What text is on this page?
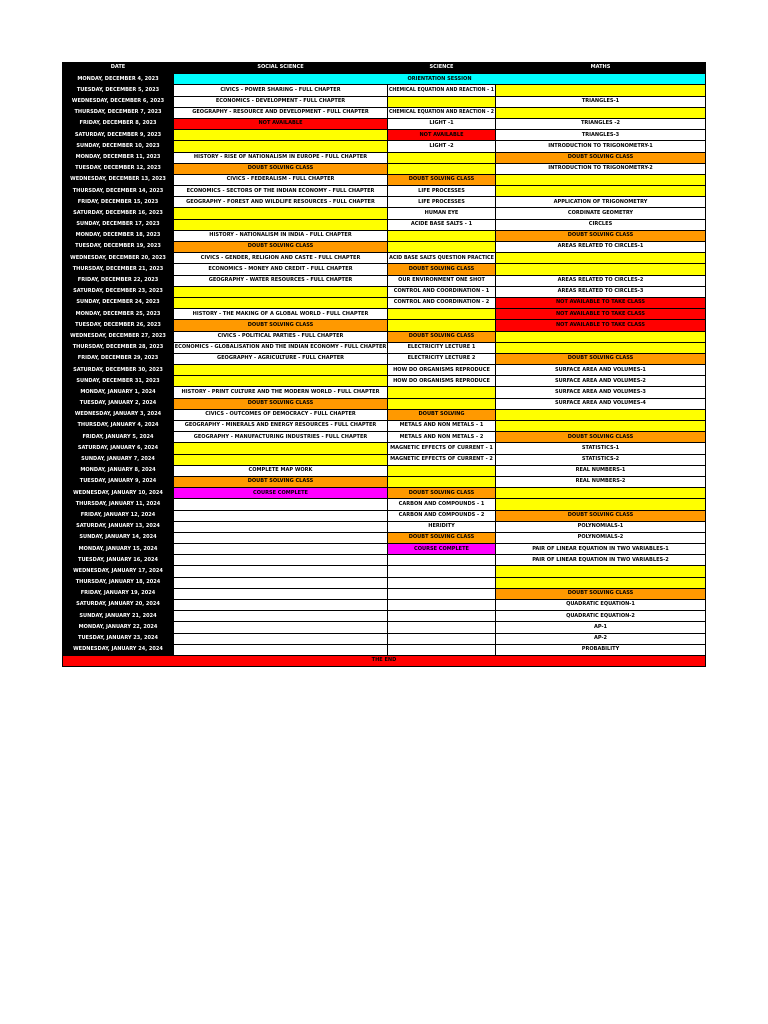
DATE	SOCIAL SCIENCE	SCIENCE	MATHS
MONDAY, DECEMBER 4, 2023	ORIENTATION SESSION		
TUESDAY, DECEMBER 5, 2023	CIVICS - POWER SHARING - FULL CHAPTER	CHEMICAL EQUATION AND REACTION - 1	
WEDNESDAY, DECEMBER 6, 2023	ECONOMICS - DEVELOPMENT - FULL CHAPTER		TRIANGLES-1
THURSDAY, DECEMBER 7, 2023	GEOGRAPHY - RESOURCE AND DEVELOPMENT - FULL CHAPTER	CHEMICAL EQUATION AND REACTION - 2	
FRIDAY, DECEMBER 8, 2023	NOT AVAILABLE	LIGHT -1	TRIANGLES -2
SATURDAY, DECEMBER 9, 2023		NOT AVAILABLE	TRIANGLES-3
SUNDAY, DECEMBER 10, 2023		LIGHT -2	INTRODUCTION TO TRIGONOMETRY-1
MONDAY, DECEMBER 11, 2023	HISTORY - RISE OF NATIONALISM IN EUROPE - FULL CHAPTER		DOUBT SOLVING CLASS
TUESDAY, DECEMBER 12, 2023	DOUBT SOLVING CLASS		INTRODUCTION TO TRIGONOMETRY-2
WEDNESDAY, DECEMBER 13, 2023	CIVICS - FEDERALISM - FULL CHAPTER	DOUBT SOLVING CLASS	
THURSDAY, DECEMBER 14, 2023	ECONOMICS - SECTORS OF THE INDIAN ECONOMY - FULL CHAPTER	LIFE PROCESSES	
FRIDAY, DECEMBER 15, 2023	GEOGRAPHY - FOREST AND WILDLIFE RESOURCES - FULL CHAPTER	LIFE PROCESSES	APPLICATION OF TRIGONOMETRY
SATURDAY, DECEMBER 16, 2023		HUMAN EYE	CORDINATE GEOMETRY
SUNDAY, DECEMBER 17, 2023		ACIDE BASE SALTS - 1	CIRCLES
MONDAY, DECEMBER 18, 2023	HISTORY - NATIONALISM IN INDIA - FULL CHAPTER		DOUBT SOLVING CLASS
TUESDAY, DECEMBER 19, 2023	DOUBT SOLVING CLASS		AREAS RELATED TO CIRCLES-1
WEDNESDAY, DECEMBER 20, 2023	CIVICS - GENDER, RELIGION AND CASTE - FULL CHAPTER	ACID BASE SALTS QUESTION PRACTICE	
THURSDAY, DECEMBER 21, 2023	ECONOMICS - MONEY AND CREDIT - FULL CHAPTER	DOUBT SOLVING CLASS	
FRIDAY, DECEMBER 22, 2023	GEOGRAPHY - WATER RESOURCES - FULL CHAPTER	OUR ENVIRONMENT ONE SHOT	AREAS RELATED TO CIRCLES-2
SATURDAY, DECEMBER 23, 2023		CONTROL AND COORDINATION - 1	AREAS RELATED TO CIRCLES-3
SUNDAY, DECEMBER 24, 2023		CONTROL AND COORDINATION - 2	NOT AVAILABLE TO TAKE CLASS
MONDAY, DECEMBER 25, 2023	HISTORY - THE MAKING OF A GLOBAL WORLD - FULL CHAPTER		NOT AVAILABLE TO TAKE CLASS
TUESDAY, DECEMBER 26, 2023	DOUBT SOLVING CLASS		NOT AVAILABLE TO TAKE CLASS
WEDNESDAY, DECEMBER 27, 2023	CIVICS - POLITICAL PARTIES - FULL CHAPTER	DOUBT SOLVING CLASS	
THURSDAY, DECEMBER 28, 2023	ECONOMICS - GLOBALISATION AND THE INDIAN ECONOMY - FULL CHAPTER	ELECTRICITY LECTURE 1	
FRIDAY, DECEMBER 29, 2023	GEOGRAPHY - AGRICULTURE - FULL CHAPTER	ELECTRICITY LECTURE 2	DOUBT SOLVING CLASS
SATURDAY, DECEMBER 30, 2023		HOW DO ORGANISMS REPRODUCE	SURFACE AREA AND VOLUMES-1
SUNDAY, DECEMBER 31, 2023		HOW DO ORGANISMS REPRODUCE	SURFACE AREA AND VOLUMES-2
MONDAY, JANUARY 1, 2024	HISTORY - PRINT CULTURE AND THE MODERN WORLD - FULL CHAPTER		SURFACE AREA AND VOLUMES-3
TUESDAY, JANUARY 2, 2024	DOUBT SOLVING CLASS		SURFACE AREA AND VOLUMES-4
WEDNESDAY, JANUARY 3, 2024	CIVICS - OUTCOMES OF DEMOCRACY - FULL CHAPTER	DOUBT SOLVING	
THURSDAY, JANUARY 4, 2024	GEOGRAPHY - MINERALS AND ENERGY RESOURCES - FULL CHAPTER	METALS AND NON METALS - 1	
FRIDAY, JANUARY 5, 2024	GEOGRAPHY - MANUFACTURING INDUSTRIES - FULL CHAPTER	METALS AND NON METALS - 2	DOUBT SOLVING CLASS
SATURDAY, JANUARY 6, 2024		MAGNETIC EFFECTS OF CURRENT - 1	STATISTICS-1
SUNDAY, JANUARY 7, 2024		MAGNETIC EFFECTS OF CURRENT - 2	STATISTICS-2
MONDAY, JANUARY 8, 2024	COMPLETE MAP WORK		REAL NUMBERS-1
TUESDAY, JANUARY 9, 2024	DOUBT SOLVING CLASS		REAL NUMBERS-2
WEDNESDAY, JANUARY 10, 2024	COURSE COMPLETE	DOUBT SOLVING CLASS	
THURSDAY, JANUARY 11, 2024		CARBON AND COMPOUNDS - 1	
FRIDAY, JANUARY 12, 2024		CARBON AND COMPOUNDS - 2	DOUBT SOLVING CLASS
SATURDAY, JANUARY 13, 2024		HERIDITY	POLYNOMIALS-1
SUNDAY, JANUARY 14, 2024		DOUBT SOLVING CLASS	POLYNOMIALS-2
MONDAY, JANUARY 15, 2024		COURSE COMPLETE	PAIR OF LINEAR EQUATION IN TWO VARIABLES-1
TUESDAY, JANUARY 16, 2024			PAIR OF LINEAR EQUATION IN TWO VARIABLES-2
WEDNESDAY, JANUARY 17, 2024			
THURSDAY, JANUARY 18, 2024			
FRIDAY, JANUARY 19, 2024			DOUBT SOLVING CLASS
SATURDAY, JANUARY 20, 2024			QUADRATIC EQUATION-1
SUNDAY, JANUARY 21, 2024			QUADRATIC EQUATION-2
MONDAY, JANUARY 22, 2024			AP-1
TUESDAY, JANUARY 23, 2024			AP-2
WEDNESDAY, JANUARY 24, 2024			PROBABILITY
THE END			
